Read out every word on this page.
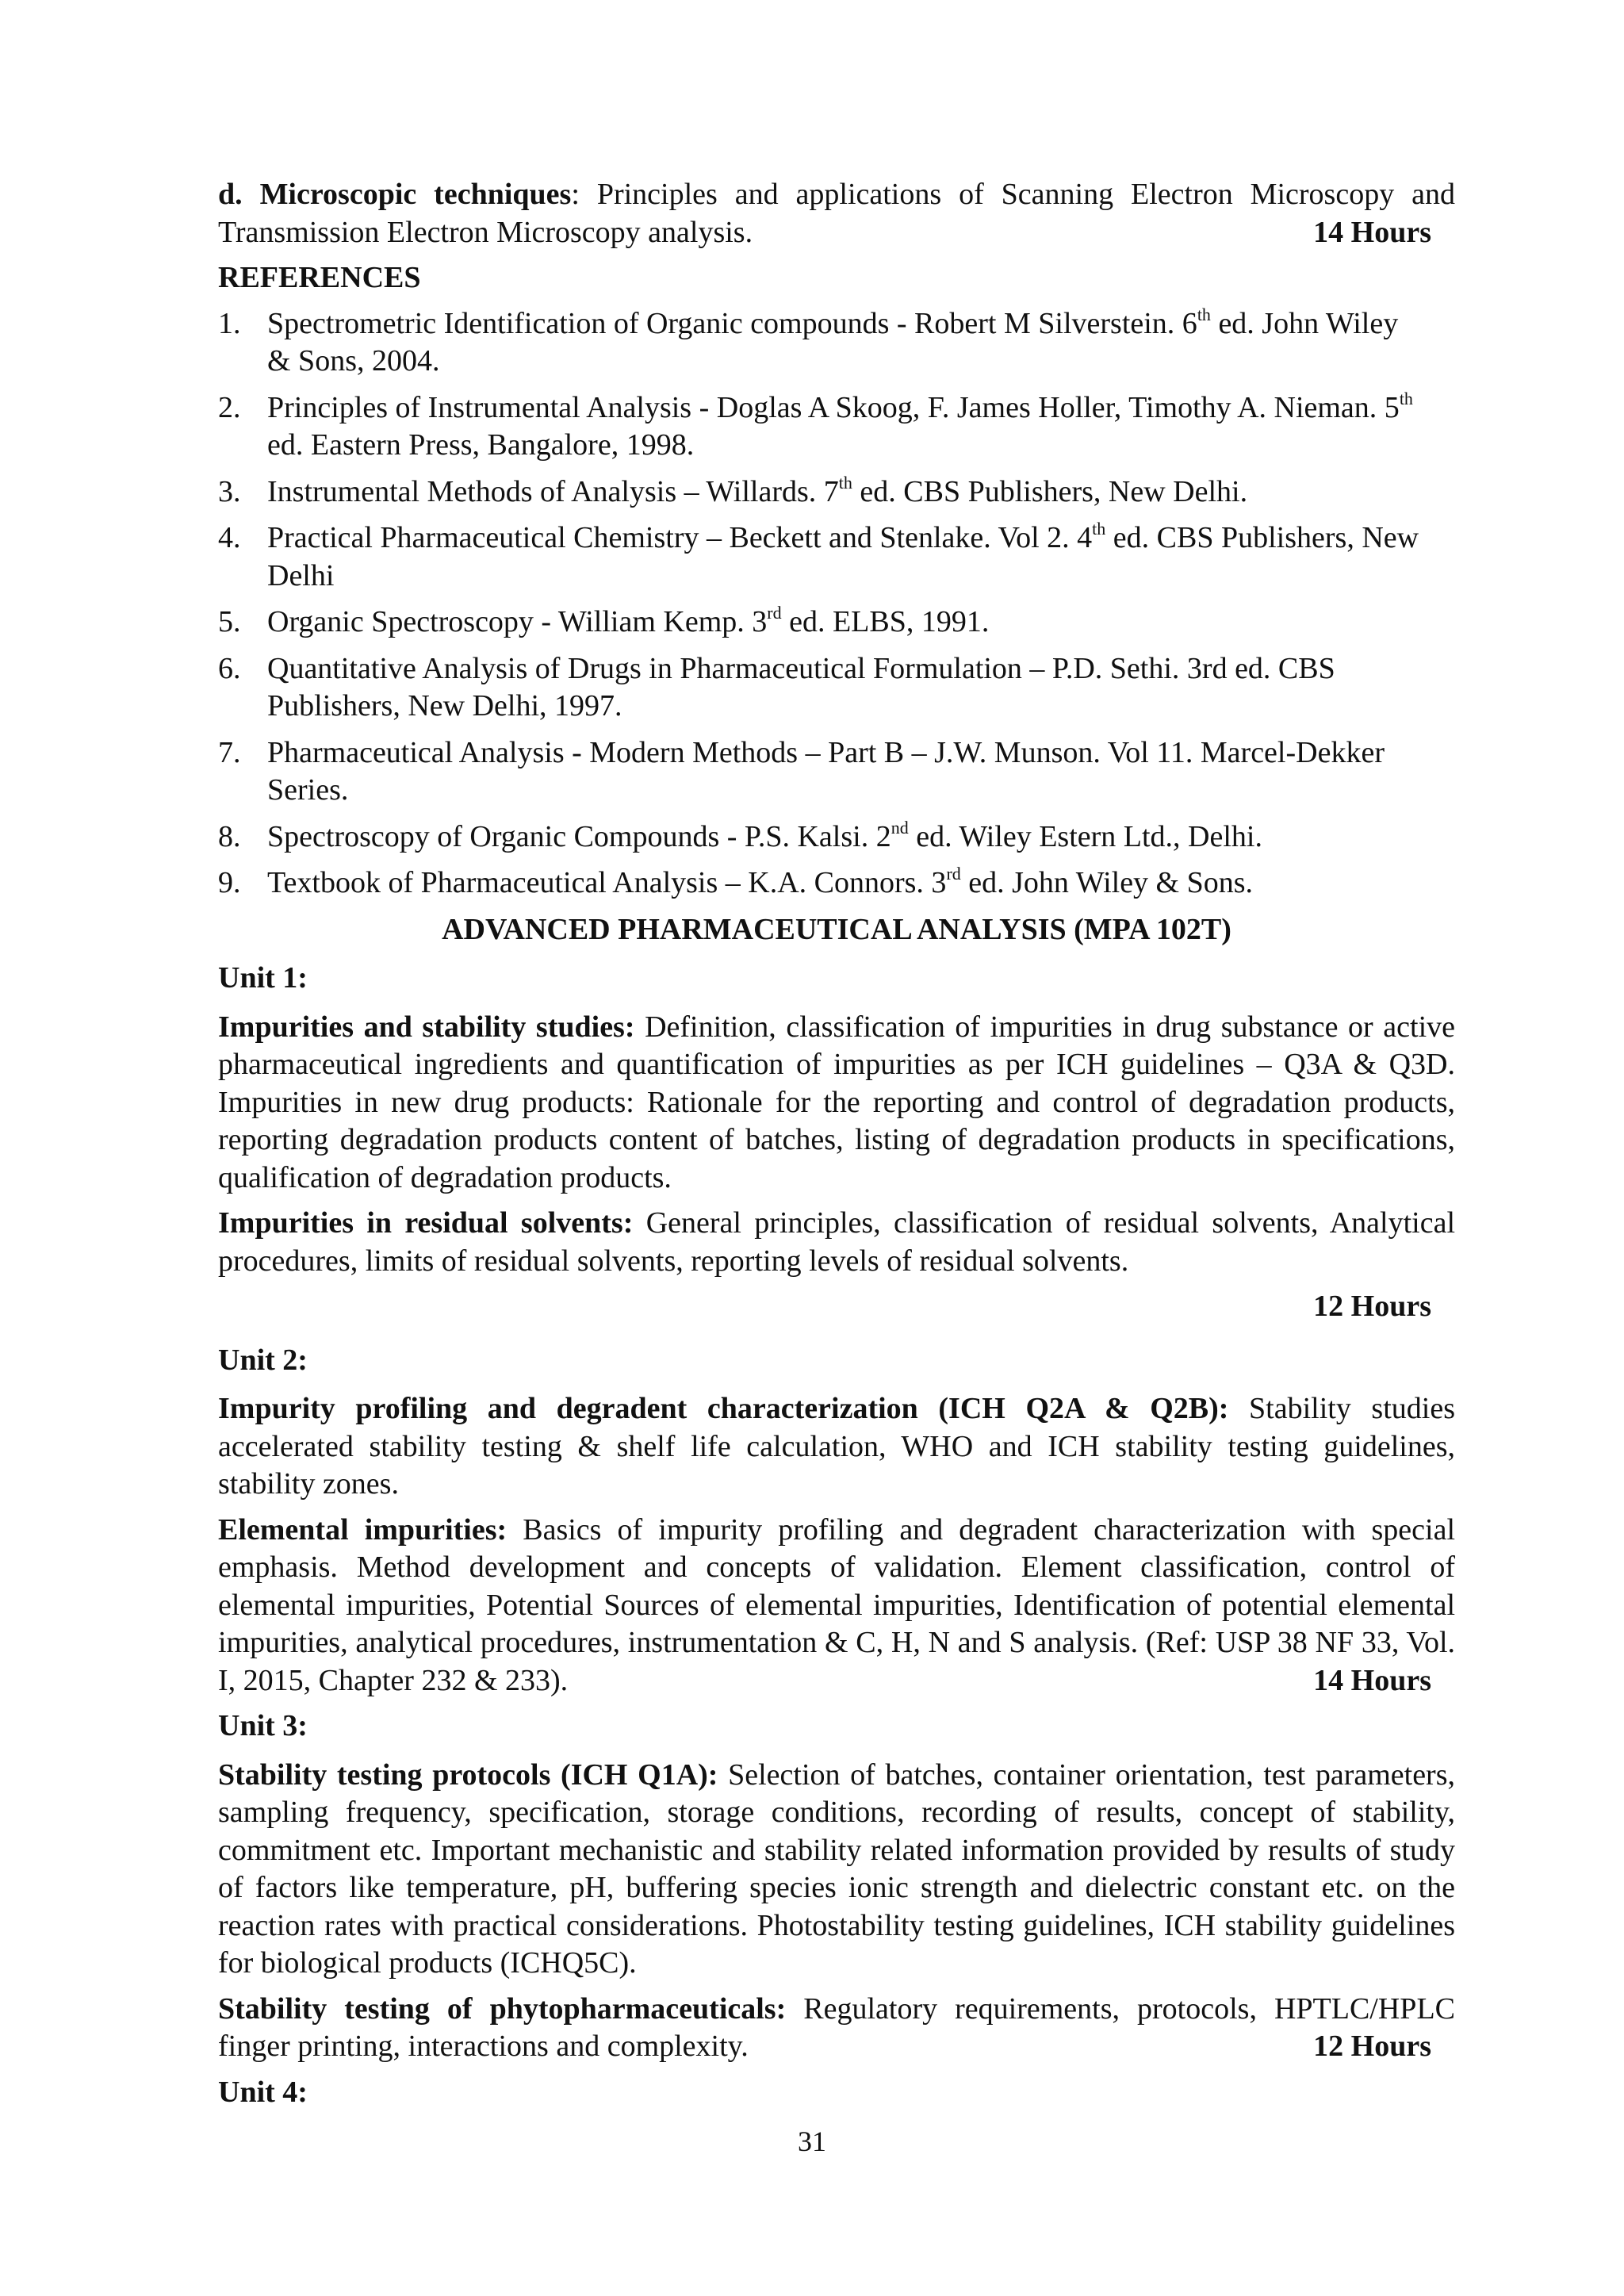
d. Microscopic techniques: Principles and applications of Scanning Electron Microscopy and Transmission Electron Microscopy analysis.	14 Hours

REFERENCES

1. Spectrometric Identification of Organic compounds - Robert M Silverstein. 6th ed. John Wiley & Sons, 2004.
2. Principles of Instrumental Analysis - Doglas A Skoog, F. James Holler, Timothy A. Nieman. 5th ed. Eastern Press, Bangalore, 1998.
3. Instrumental Methods of Analysis – Willards. 7th ed. CBS Publishers, New Delhi.
4. Practical Pharmaceutical Chemistry – Beckett and Stenlake. Vol 2. 4th ed. CBS Publishers, New Delhi
5. Organic Spectroscopy - William Kemp. 3rd ed. ELBS, 1991.
6. Quantitative Analysis of Drugs in Pharmaceutical Formulation – P.D. Sethi. 3rd ed. CBS Publishers, New Delhi, 1997.
7. Pharmaceutical Analysis - Modern Methods – Part B – J.W. Munson. Vol 11. Marcel-Dekker Series.
8. Spectroscopy of Organic Compounds - P.S. Kalsi. 2nd ed. Wiley Estern Ltd., Delhi.
9. Textbook of Pharmaceutical Analysis – K.A. Connors. 3rd ed. John Wiley & Sons.

ADVANCED PHARMACEUTICAL ANALYSIS (MPA 102T)

Unit 1:

Impurities and stability studies: Definition, classification of impurities in drug substance or active pharmaceutical ingredients and quantification of impurities as per ICH guidelines – Q3A & Q3D. Impurities in new drug products: Rationale for the reporting and control of degradation products, reporting degradation products content of batches, listing of degradation products in specifications, qualification of degradation products.

Impurities in residual solvents: General principles, classification of residual solvents, Analytical procedures, limits of residual solvents, reporting levels of residual solvents.

12 Hours

Unit 2:

Impurity profiling and degradent characterization (ICH Q2A & Q2B): Stability studies accelerated stability testing & shelf life calculation, WHO and ICH stability testing guidelines, stability zones.

Elemental impurities: Basics of impurity profiling and degradent characterization with special emphasis. Method development and concepts of validation. Element classification, control of elemental impurities, Potential Sources of elemental impurities, Identification of potential elemental impurities, analytical procedures, instrumentation & C, H, N and S analysis. (Ref: USP 38 NF 33, Vol. I, 2015, Chapter 232 & 233).	14 Hours

Unit 3:

Stability testing protocols (ICH Q1A): Selection of batches, container orientation, test parameters, sampling frequency, specification, storage conditions, recording of results, concept of stability, commitment etc. Important mechanistic and stability related information provided by results of study of factors like temperature, pH, buffering species ionic strength and dielectric constant etc. on the reaction rates with practical considerations. Photostability testing guidelines, ICH stability guidelines for biological products (ICHQ5C).

Stability testing of phytopharmaceuticals: Regulatory requirements, protocols, HPTLC/HPLC finger printing, interactions and complexity.	12 Hours

Unit 4:

31
